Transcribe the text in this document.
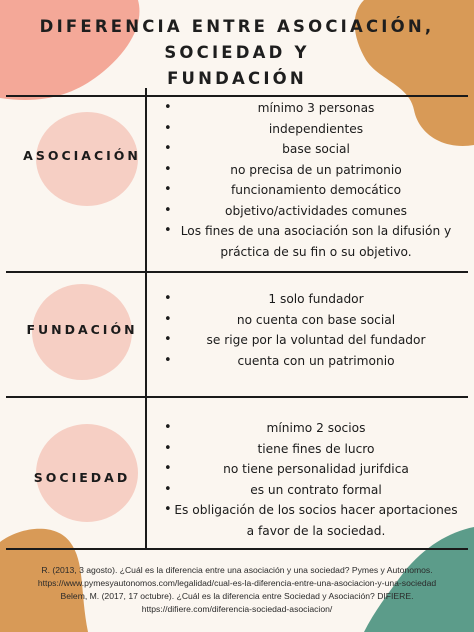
DIFERENCIA ENTRE ASOCIACIÓN, SOCIEDAD Y
FUNDACIÓN
ASOCIACIÓN
• mínimo 3 personas
• independientes
• base social
• no precisa de un patrimonio
• funcionamiento democático
• objetivo/actividades comunes
• Los fines de una asociación son la difusión y práctica de su fin o su objetivo.
FUNDACIÓN
• 1 solo fundador
• no cuenta con base social
• se rige por la voluntad del fundador
• cuenta con un patrimonio
SOCIEDAD
• mínimo 2 socios
• tiene fines de lucro
• no tiene personalidad jurifdica
• es un contrato formal
• Es obligación de los socios hacer aportaciones a favor de la sociedad.
R. (2013, 3 agosto). ¿Cuál es la diferencia entre una asociación y una sociedad? Pymes y Autonomos.
https://www.pymesyautonomos.com/legalidad/cual-es-la-diferencia-entre-una-asociacion-y-una-sociedad
Belem, M. (2017, 17 octubre). ¿Cuál es la diferencia entre Sociedad y Asociación? DIFIERE.
https://difiere.com/diferencia-sociedad-asociacion/
